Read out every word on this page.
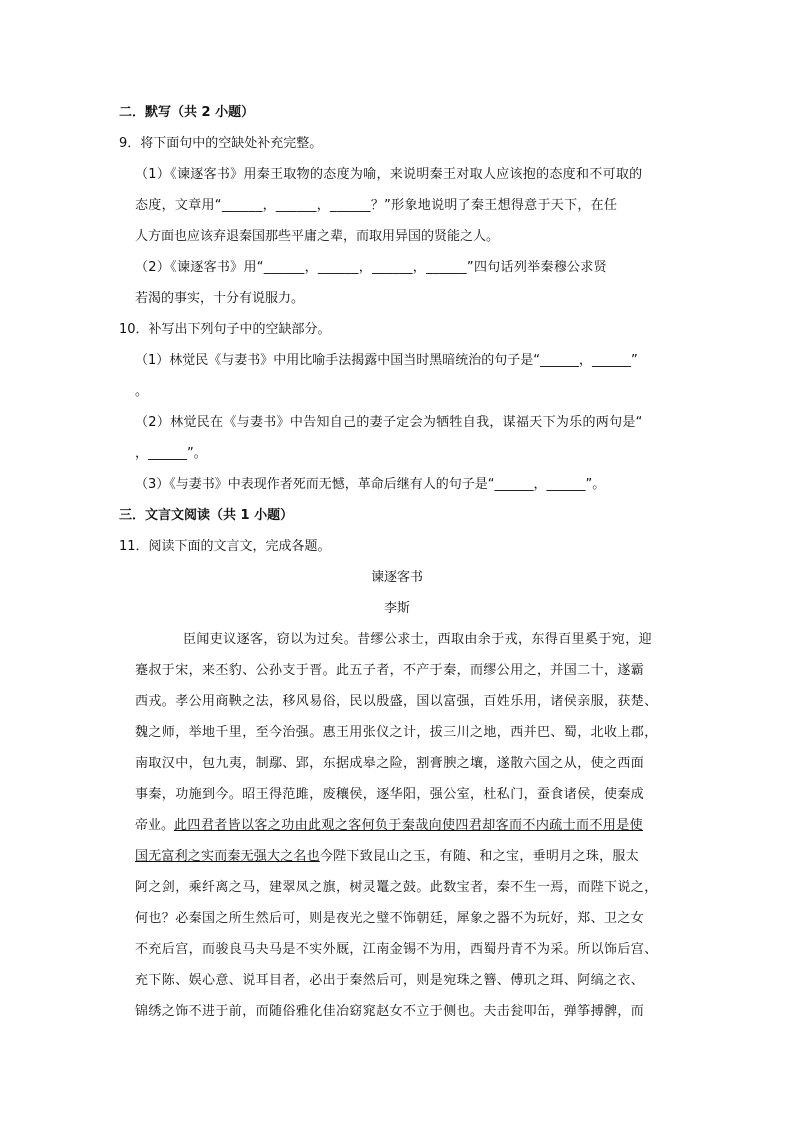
二．默写（共 2 小题）
9．将下面句中的空缺处补充完整。
（1）《谏逐客书》用秦王取物的态度为喻，来说明秦王对取人应该抱的态度和不可取的
态度，文章用“______，______，______？”形象地说明了秦王想得意于天下，在任
人方面也应该弃退秦国那些平庸之辈，而取用异国的贤能之人。
（2）《谏逐客书》用“______，______，______，______”四句话列举秦穆公求贤
若渴的事实，十分有说服力。
10．补写出下列句子中的空缺部分。
（1）林觉民《与妻书》中用比喻手法揭露中国当时黑暗统治的句子是“______，______”
。
（2）林觉民在《与妻书》中告知自己的妻子定会为牺牲自我，谋福天下为乐的两句是“
，______”。
（3）《与妻书》中表现作者死而无憾，革命后继有人的句子是“______，______”。
三．文言文阅读（共 1 小题）
11．阅读下面的文言文，完成各题。
谏逐客书
李斯
臣闻吏议逐客，窃以为过矣。昔缪公求士，西取由余于戎，东得百里奚于宛，迎
蹇叔于宋，来丕豹、公孙支于晋。此五子者，不产于秦，而缪公用之，并国二十，遂霸
西戎。孝公用商鞅之法，移风易俗，民以殷盛，国以富强，百姓乐用，诸侯亲服，获楚、
魏之师，举地千里，至今治强。惠王用张仪之计，拔三川之地，西并巴、蜀，北收上郡，
南取汉中，包九夷，制鄢、郢，东据成皋之险，割膏腴之壤，遂散六国之从，使之西面
事秦，功施到今。昭王得范雎，废穰侯，逐华阳，强公室，杜私门，蚕食诸侯，使秦成
帝业。此四君者皆以客之功由此观之客何负于秦哉向使四君却客而不内疏士而不用是使
国无富利之实而秦无强大之名也今陛下致昆山之玉，有随、和之宝，垂明月之珠，服太
阿之剑，乘纤离之马，建翠凤之旗，树灵鼍之鼓。此数宝者，秦不生一焉，而陛下说之，
何也？必秦国之所生然后可，则是夜光之璧不饰朝廷，犀象之器不为玩好，郑、卫之女
不充后宫，而骏良马夬马是不实外厩，江南金锡不为用，西蜀丹青不为采。所以饰后宫、
充下陈、娱心意、说耳目者，必出于秦然后可，则是宛珠之簪、傅玑之珥、阿缟之衣、
锦绣之饰不进于前，而随俗雅化佳冶窈窕赵女不立于侧也。夫击瓮叩缶，弹筝搏髀，而
